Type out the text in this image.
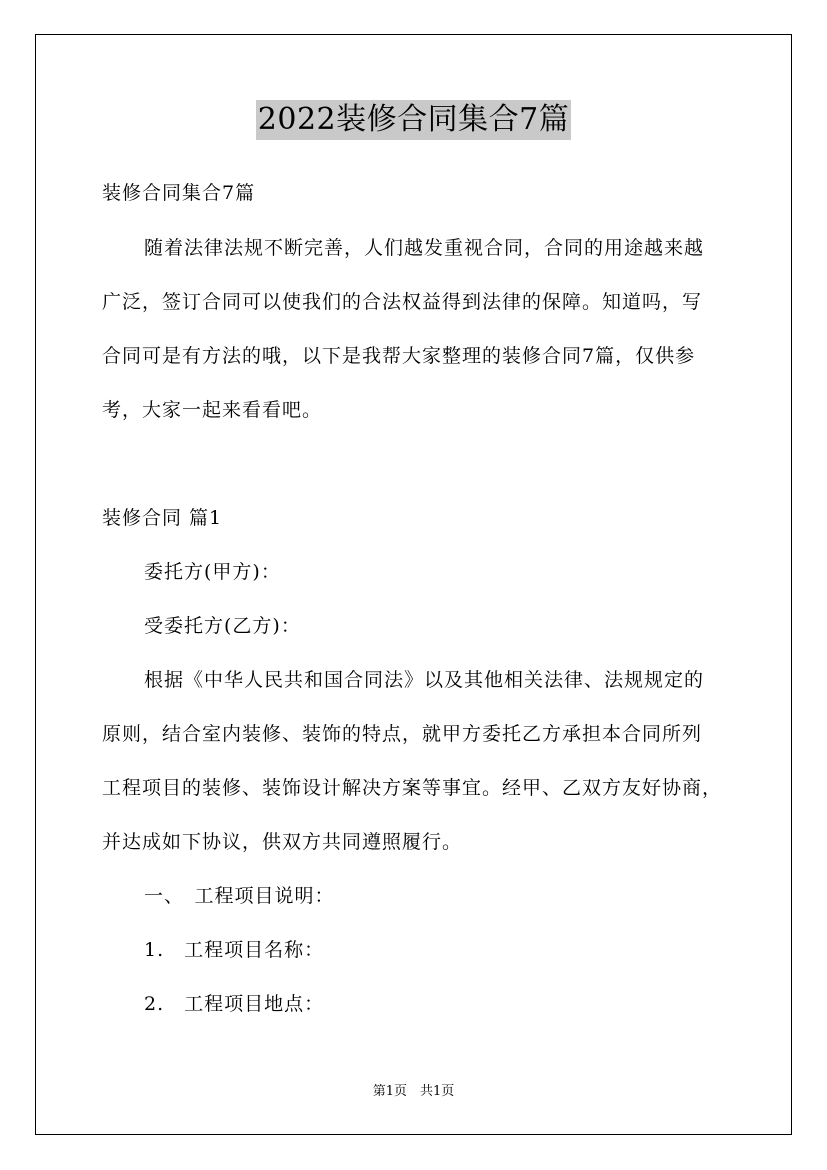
2022装修合同集合7篇
装修合同集合7篇
随着法律法规不断完善，人们越发重视合同，合同的用途越来越
广泛，签订合同可以使我们的合法权益得到法律的保障。知道吗，写
合同可是有方法的哦，以下是我帮大家整理的装修合同7篇，仅供参
考，大家一起来看看吧。
装修合同 篇1
委托方(甲方)：
受委托方(乙方)：
根据《中华人民共和国合同法》以及其他相关法律、法规规定的
原则，结合室内装修、装饰的特点，就甲方委托乙方承担本合同所列
工程项目的装修、装饰设计解决方案等事宜。经甲、乙双方友好协商，
并达成如下协议，供双方共同遵照履行。
一、　工程项目说明：
1.　工程项目名称：
2.　工程项目地点：
第1页　共1页
